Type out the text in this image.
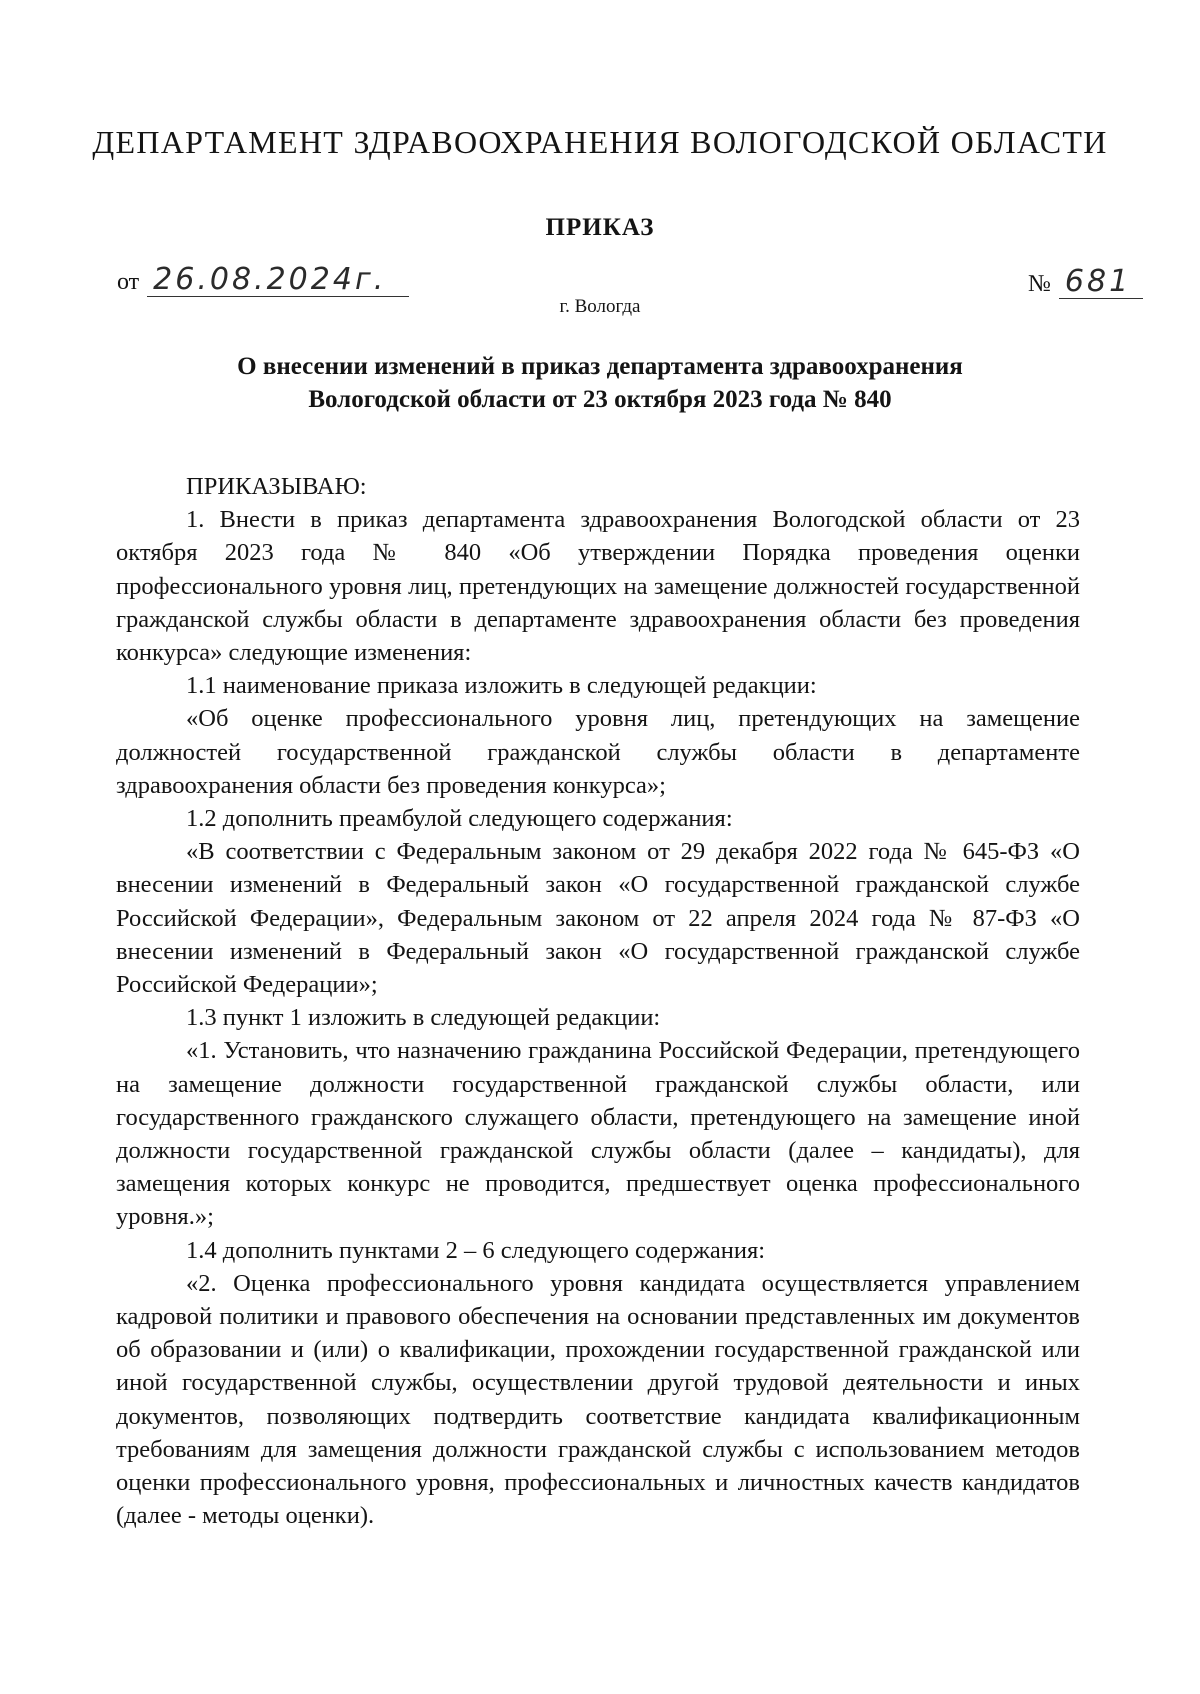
ДЕПАРТАМЕНТ ЗДРАВООХРАНЕНИЯ ВОЛОГОДСКОЙ ОБЛАСТИ
ПРИКАЗ
от 26.08.2024г.	№ 681
г. Вологда
О внесении изменений в приказ департамента здравоохранения
Вологодской области от 23 октября 2023 года № 840

ПРИКАЗЫВАЮ:

1. Внести в приказ департамента здравоохранения Вологодской области от 23 октября 2023 года № 840 «Об утверждении Порядка проведения оценки профессионального уровня лиц, претендующих на замещение должностей государственной гражданской службы области в департаменте здравоохранения области без проведения конкурса» следующие изменения:

1.1 наименование приказа изложить в следующей редакции:

«Об оценке профессионального уровня лиц, претендующих на замещение должностей государственной гражданской службы области в департаменте здравоохранения области без проведения конкурса»;

1.2 дополнить преамбулой следующего содержания:

«В соответствии с Федеральным законом от 29 декабря 2022 года № 645-ФЗ «О внесении изменений в Федеральный закон «О государственной гражданской службе Российской Федерации», Федеральным законом от 22 апреля 2024 года № 87-ФЗ «О внесении изменений в Федеральный закон «О государственной гражданской службе Российской Федерации»;

1.3 пункт 1 изложить в следующей редакции:

«1. Установить, что назначению гражданина Российской Федерации, претендующего на замещение должности государственной гражданской службы области, или государственного гражданского служащего области, претендующего на замещение иной должности государственной гражданской службы области (далее – кандидаты), для замещения которых конкурс не проводится, предшествует оценка профессионального уровня.»;

1.4 дополнить пунктами 2 – 6 следующего содержания:

«2. Оценка профессионального уровня кандидата осуществляется управлением кадровой политики и правового обеспечения на основании представленных им документов об образовании и (или) о квалификации, прохождении государственной гражданской или иной государственной службы, осуществлении другой трудовой деятельности и иных документов, позволяющих подтвердить соответствие кандидата квалификационным требованиям для замещения должности гражданской службы с использованием методов оценки профессионального уровня, профессиональных и личностных качеств кандидатов (далее - методы оценки).
